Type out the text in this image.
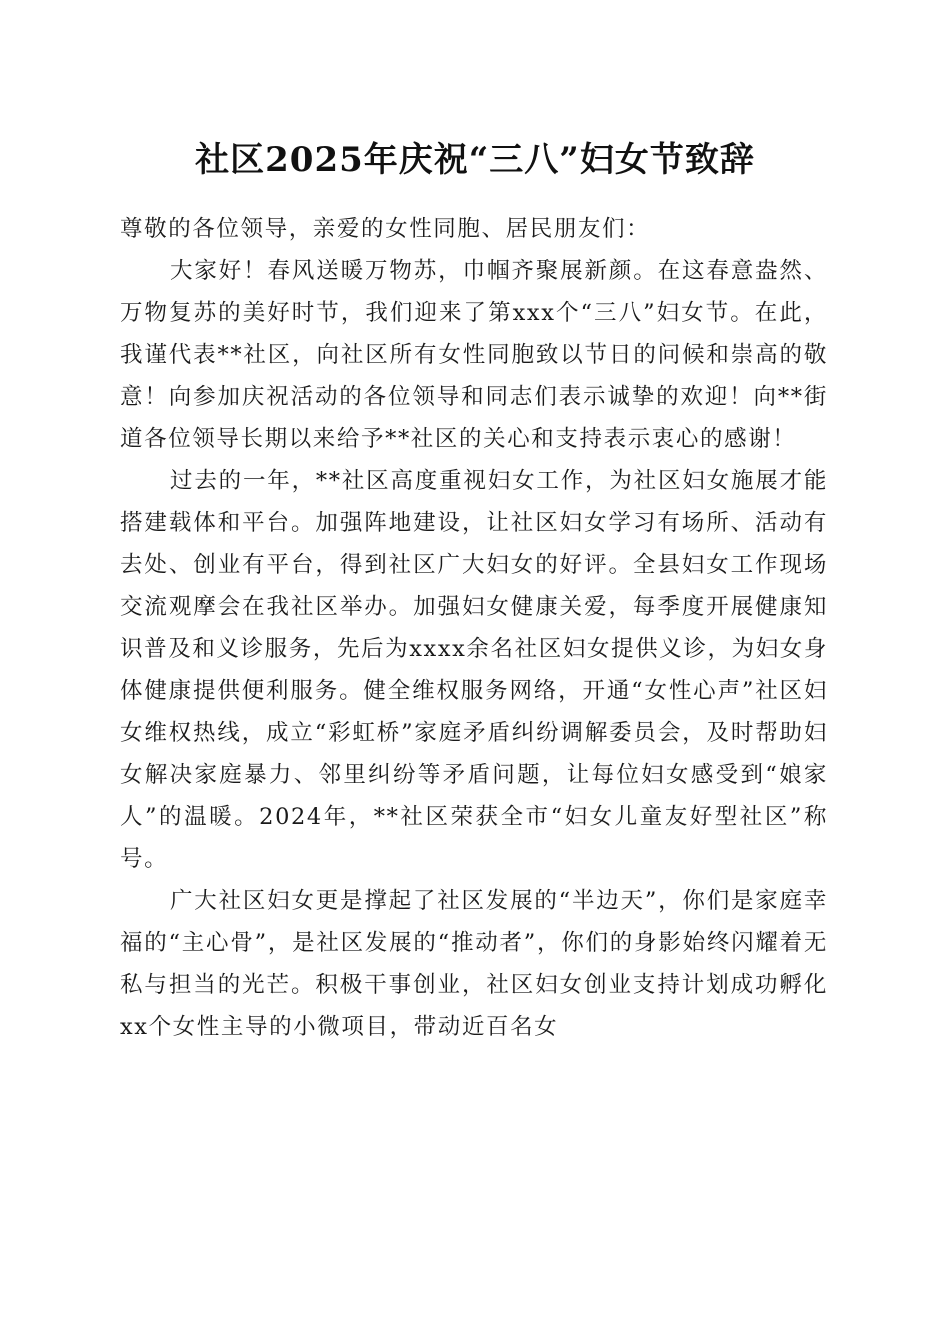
社区2025年庆祝“三八”妇女节致辞

尊敬的各位领导，亲爱的女性同胞、居民朋友们：

大家好！春风送暖万物苏，巾帼齐聚展新颜。在这春意盎然、万物复苏的美好时节，我们迎来了第xxx个“三八”妇女节。在此，我谨代表**社区，向社区所有女性同胞致以节日的问候和崇高的敬意！向参加庆祝活动的各位领导和同志们表示诚挚的欢迎！向**街道各位领导长期以来给予**社区的关心和支持表示衷心的感谢！

过去的一年，**社区高度重视妇女工作，为社区妇女施展才能搭建载体和平台。加强阵地建设，让社区妇女学习有场所、活动有去处、创业有平台，得到社区广大妇女的好评。全县妇女工作现场交流观摩会在我社区举办。加强妇女健康关爱，每季度开展健康知识普及和义诊服务，先后为xxxx余名社区妇女提供义诊，为妇女身体健康提供便利服务。健全维权服务网络，开通“女性心声”社区妇女维权热线，成立“彩虹桥”家庭矛盾纠纷调解委员会，及时帮助妇女解决家庭暴力、邻里纠纷等矛盾问题，让每位妇女感受到“娘家人”的温暖。2024年，**社区荣获全市“妇女儿童友好型社区”称号。

广大社区妇女更是撑起了社区发展的“半边天”，你们是家庭幸福的“主心骨”，是社区发展的“推动者”，你们的身影始终闪耀着无私与担当的光芒。积极干事创业，社区妇女创业支持计划成功孵化xx个女性主导的小微项目，带动近百名女
